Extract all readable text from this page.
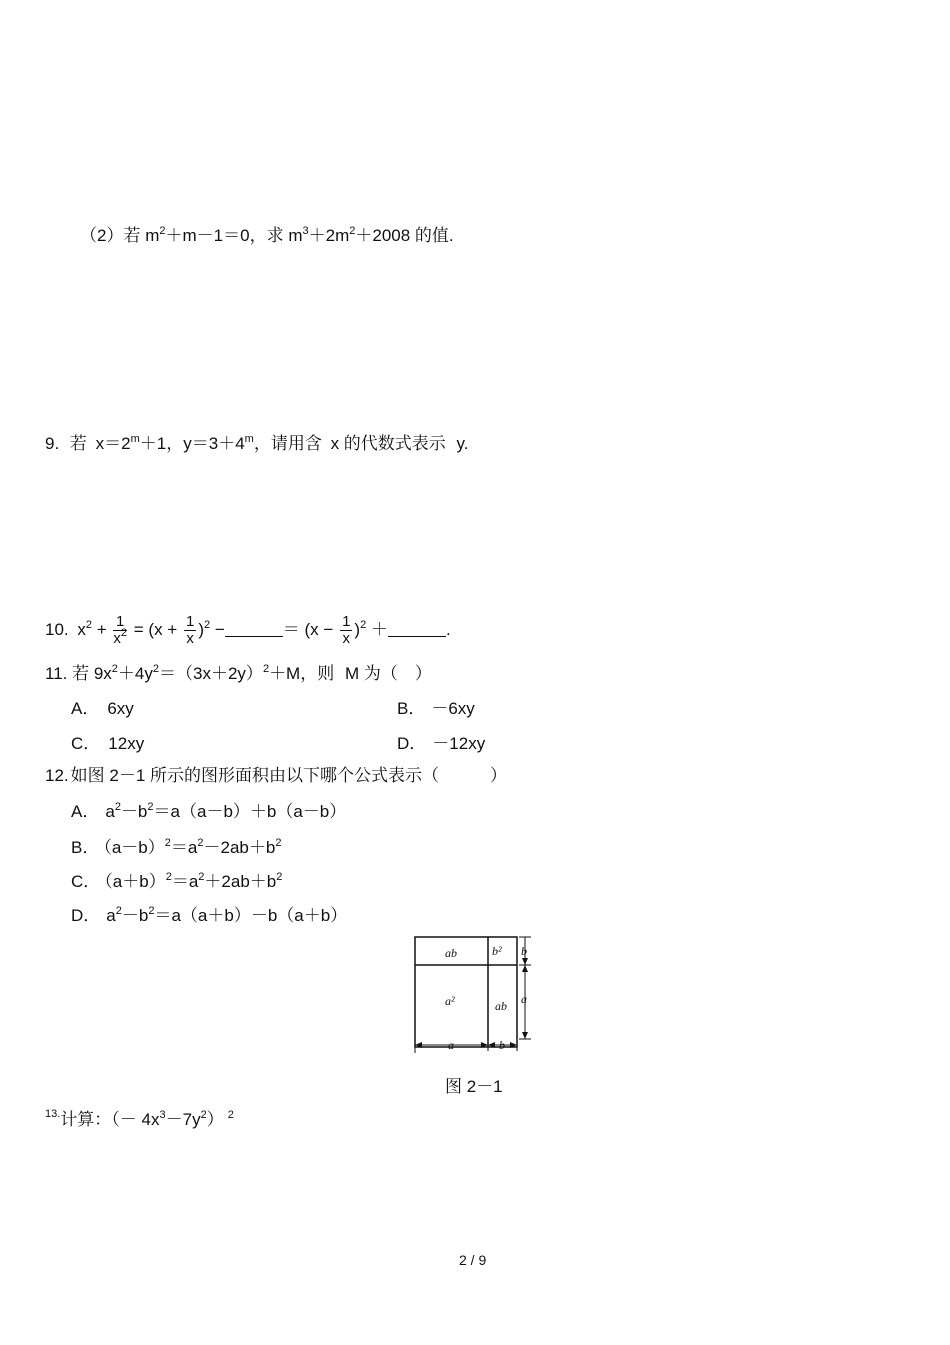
（2）若 $m^2+m-1=0$，求 $m^3+2m^2+2008$ 的值.
9. 若 $x=2^m+1$，$y=3+4^m$，请用含 x 的代数式表示 y.
10. $x^2 + \frac{1}{x^2} = (x + \frac{1}{x} )^2$ −	＝ $(x - \frac{1}{x} )^2$ ＋	.
11. 若 $9x^2+4y^2=(3x+2y)^2+M$，则 M 为（　）
A． 6xy	B． －6xy
C． 12xy	D． －12xy
12. 如图 2－1 所示的图形面积由以下哪个公式表示（　　　）
A． $a^2-b^2=a(a-b)+b(a-b)$
B． $(a-b)^2=a^2-2ab+b^2$
C． $(a+b)^2=a^2+2ab+b^2$
D． $a^2-b^2=a(a+b)-b(a+b)$
ab	b² b
a²	ab a
a	b
图 2－1
$^{13.}$计算：（－ $4x^3-7y^2$） $^2$
2 / 9
